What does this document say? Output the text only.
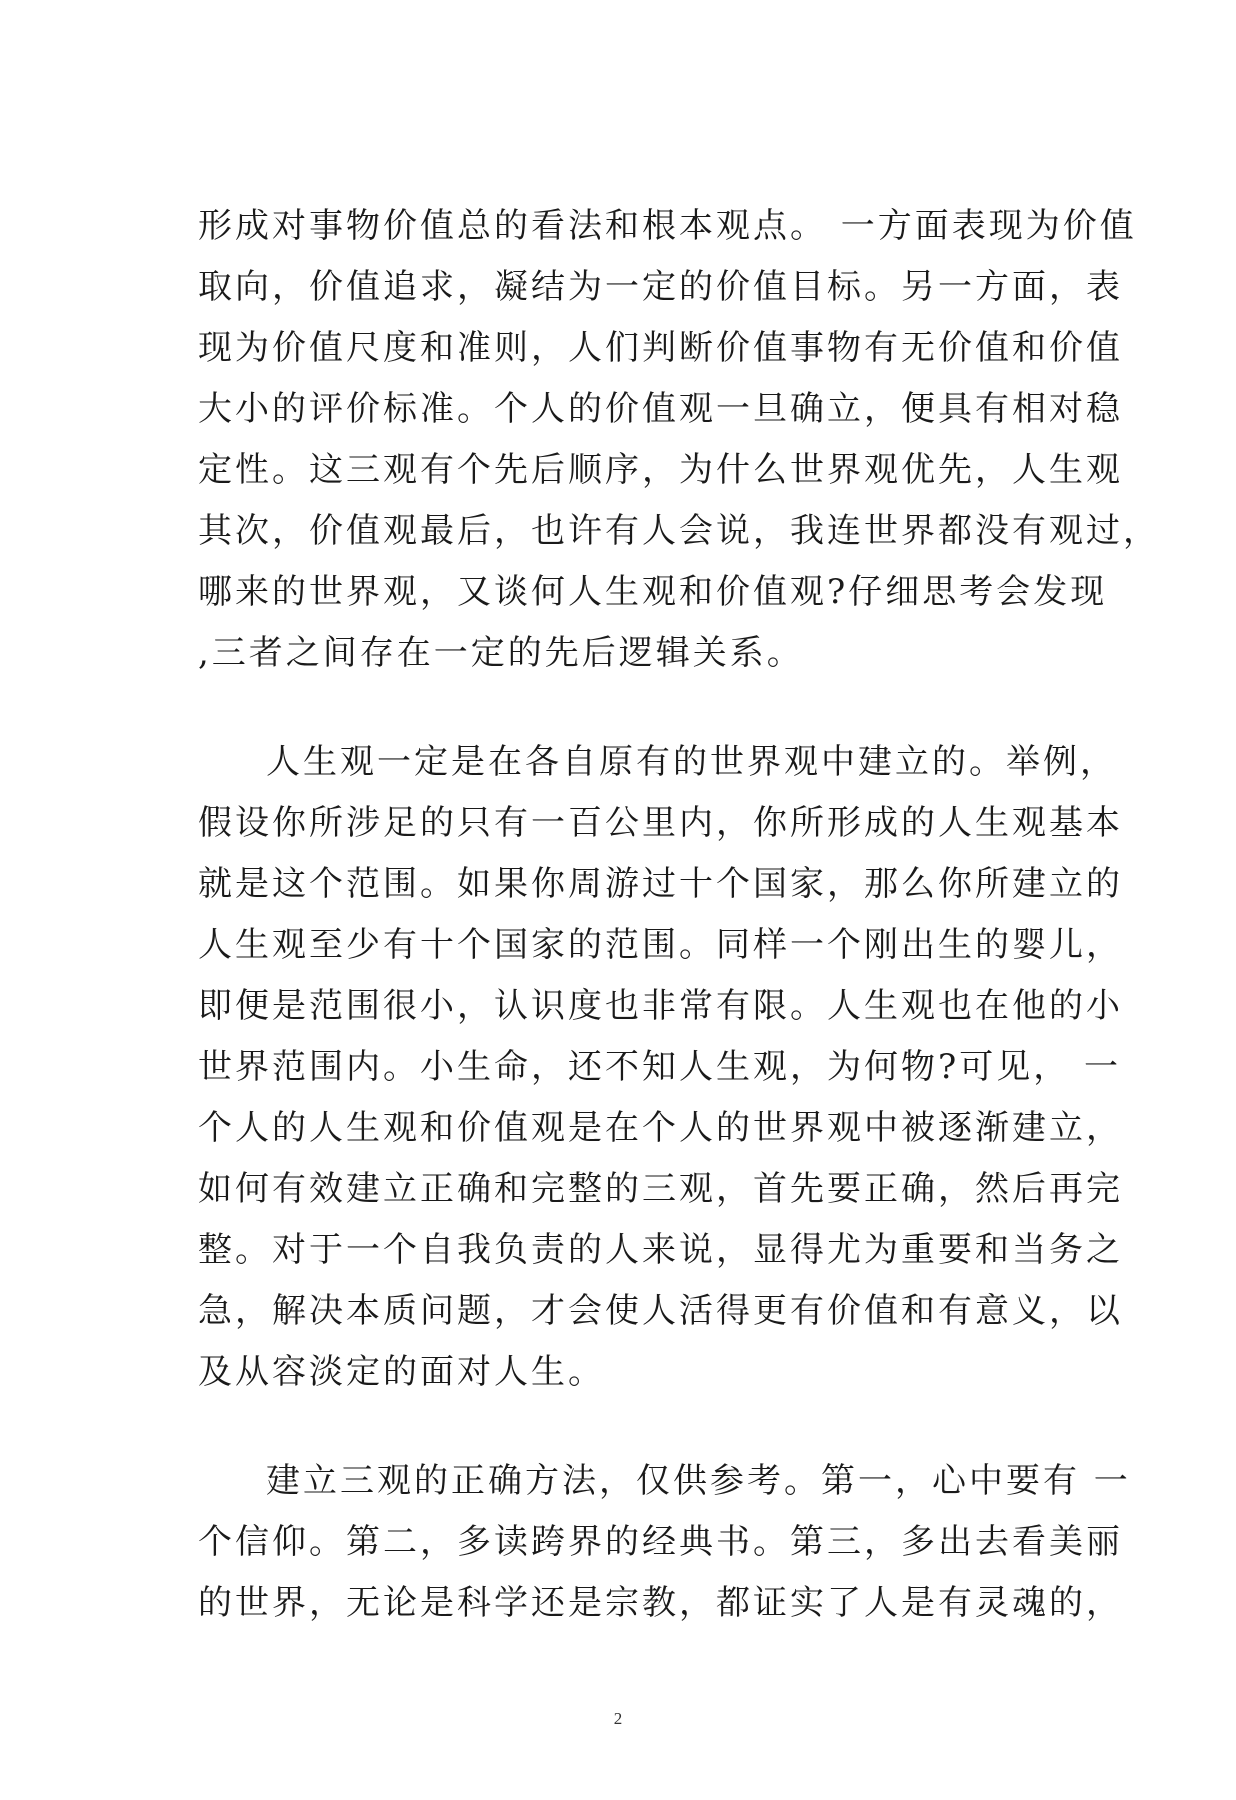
形成对事物价值总的看法和根本观点。 一方面表现为价值
取向，价值追求，凝结为一定的价值目标。另一方面，表
现为价值尺度和准则，人们判断价值事物有无价值和价值
大小的评价标准。个人的价值观一旦确立，便具有相对稳
定性。这三观有个先后顺序，为什么世界观优先，人生观
其次，价值观最后，也许有人会说，我连世界都没有观过，
哪来的世界观，又谈何人生观和价值观?仔细思考会发现
,三者之间存在一定的先后逻辑关系。
人生观一定是在各自原有的世界观中建立的。举例，
假设你所涉足的只有一百公里内，你所形成的人生观基本
就是这个范围。如果你周游过十个国家，那么你所建立的
人生观至少有十个国家的范围。同样一个刚出生的婴儿，
即便是范围很小，认识度也非常有限。人生观也在他的小
世界范围内。小生命，还不知人生观，为何物?可见， 一
个人的人生观和价值观是在个人的世界观中被逐渐建立，
如何有效建立正确和完整的三观，首先要正确，然后再完
整。对于一个自我负责的人来说，显得尤为重要和当务之
急，解决本质问题，才会使人活得更有价值和有意义，以
及从容淡定的面对人生。
建立三观的正确方法，仅供参考。第一，心中要有 一
个信仰。第二，多读跨界的经典书。第三，多出去看美丽
的世界，无论是科学还是宗教，都证实了人是有灵魂的，
2
